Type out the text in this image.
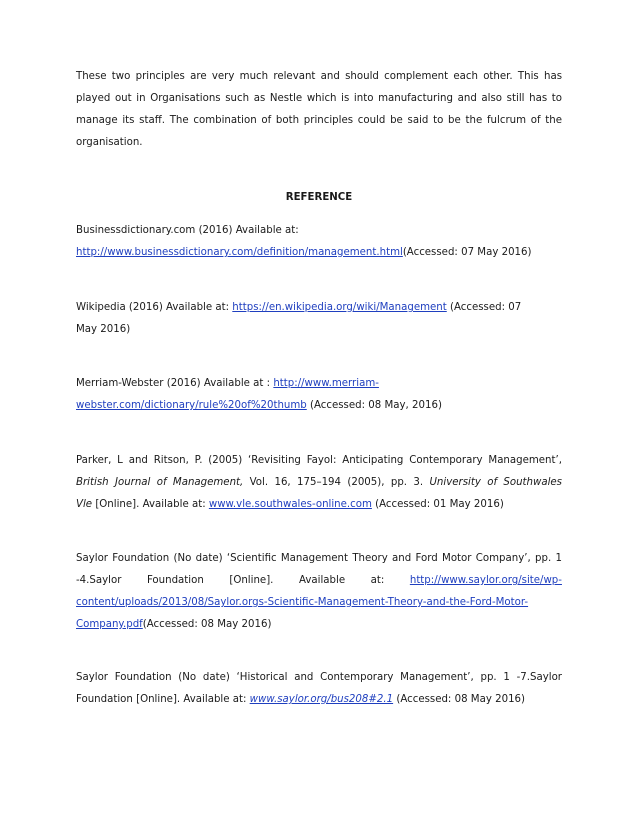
These two principles are very much relevant and should complement each other. This has played out in Organisations such as Nestle which is into manufacturing and also still has to manage its staff. The combination of both principles could be said to be the fulcrum of the organisation.

REFERENCE

Businessdictionary.com (2016) Available at:
http://www.businessdictionary.com/definition/management.html(Accessed: 07 May 2016)
Wikipedia (2016) Available at: https://en.wikipedia.org/wiki/Management (Accessed: 07
May 2016)
Merriam-Webster (2016) Available at : http://www.merriam-
webster.com/dictionary/rule%20of%20thumb (Accessed: 08 May, 2016)
Parker, L and Ritson, P. (2005) ‘Revisiting Fayol: Anticipating Contemporary Management’,
British Journal of Management, Vol. 16, 175–194 (2005), pp. 3. University of Southwales
Vle [Online]. Available at: www.vle.southwales-online.com (Accessed: 01 May 2016)
Saylor Foundation (No date) ‘Scientific Management Theory and Ford Motor Company’, pp. 1
-4.Saylor	Foundation	[Online].	Available	at:	http://www.saylor.org/site/wp-
content/uploads/2013/08/Saylor.orgs-Scientific-Management-Theory-and-the-Ford-Motor-
Company.pdf(Accessed: 08 May 2016)
Saylor Foundation (No date) ‘Historical and Contemporary Management’, pp. 1 -7.Saylor
Foundation [Online]. Available at: www.saylor.org/bus208#2.1 (Accessed: 08 May 2016)
